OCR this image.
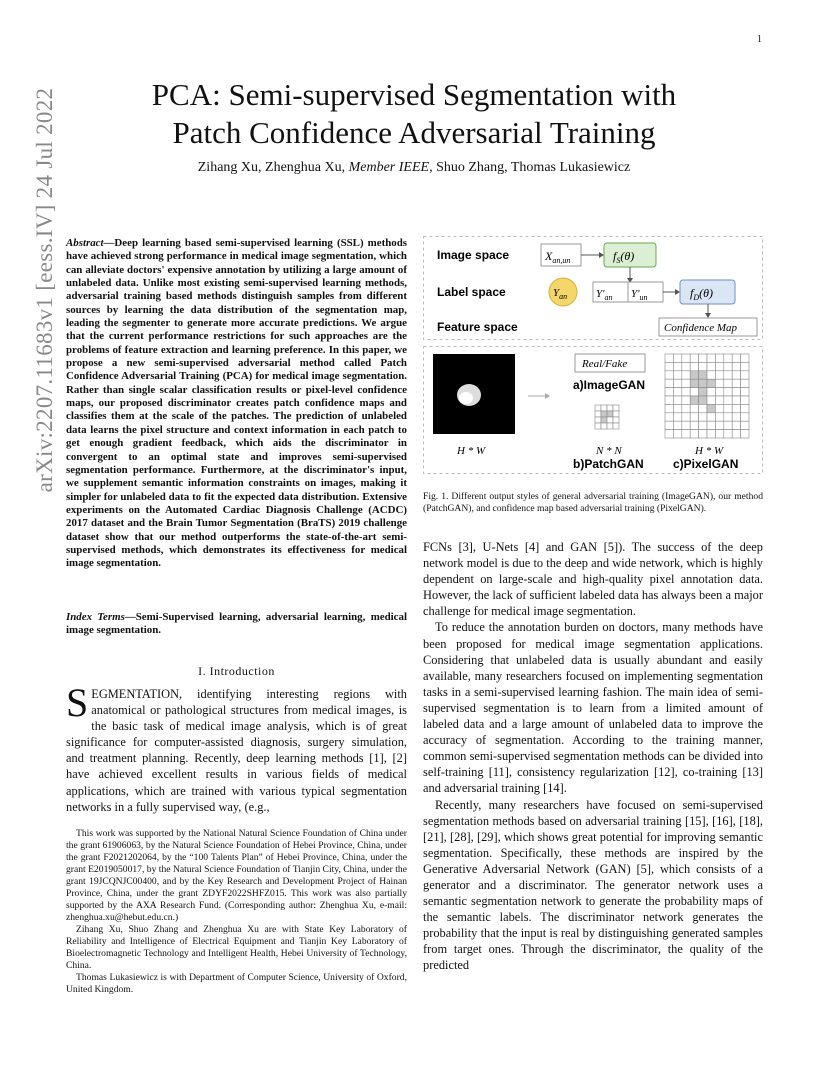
1
arXiv:2207.11683v1 [eess.IV] 24 Jul 2022	PCA: Semi-supervised Segmentation with
Patch Confidence Adversarial Training
Zihang Xu, Zhenghua Xu, Member IEEE, Shuo Zhang, Thomas Lukasiewicz
Abstract—Deep learning based semi-supervised learning (SSL) methods have achieved strong performance in medical image segmentation, which can alleviate doctors' expensive annotation by utilizing a large amount of unlabeled data. Unlike most existing semi-supervised learning methods, adversarial training based methods distinguish samples from different sources by learning the data distribution of the segmentation map, leading the segmenter to generate more accurate predictions. We argue that the current performance restrictions for such approaches are the problems of feature extraction and learning preference. In this paper, we propose a new semi-supervised adversarial method called Patch Confidence Adversarial Training (PCA) for medical image segmentation. Rather than single scalar classification results or pixel-level confidence maps, our proposed discriminator creates patch confidence maps and classifies them at the scale of the patches. The prediction of unlabeled data learns the pixel structure and context information in each patch to get enough gradient feedback, which aids the discriminator in convergent to an optimal state and improves semi-supervised segmentation performance. Furthermore, at the discriminator's input, we supplement semantic information constraints on images, making it simpler for unlabeled data to fit the expected data distribution. Extensive experiments on the Automated Cardiac Diagnosis Challenge (ACDC) 2017 dataset and the Brain Tumor Segmentation (BraTS) 2019 challenge dataset show that our method outperforms the state-of-the-art semi-supervised methods, which demonstrates its effectiveness for medical image segmentation.
Index Terms—Semi-Supervised learning, adversarial learning, medical image segmentation.
I. Introduction
SEGMENTATION, identifying interesting regions with anatomical or pathological structures from medical images, is the basic task of medical image analysis, which is of great significance for computer-assisted diagnosis, surgery simulation, and treatment planning. Recently, deep learning methods [1], [2] have achieved excellent results in various fields of medical applications, which are trained with various typical segmentation networks in a fully supervised way, (e.g.,

This work was supported by the National Natural Science Foundation of China under the grant 61906063, by the Natural Science Foundation of Hebei Province, China, under the grant F2021202064, by the “100 Talents Plan” of Hebei Province, China, under the grant E2019050017, by the Natural Science Foundation of Tianjin City, China, under the grant 19JCQNJC00400, and by the Key Research and Development Project of Hainan Province, China, under the grant ZDYF2022SHFZ015. This work was also partially supported by the AXA Research Fund. (Corresponding author: Zhenghua Xu, e-mail: zhenghua.xu@hebut.edu.cn.)

Zihang Xu, Shuo Zhang and Zhenghua Xu are with State Key Laboratory of Reliability and Intelligence of Electrical Equipment and Tianjin Key Laboratory of Bioelectromagnetic Technology and Intelligent Health, Hebei University of Technology, China.

Thomas Lukasiewicz is with Department of Computer Science, University of Oxford, United Kingdom.

Image space
Label space
Feature space
$X_{an,un}$	$f_S(\theta)$
$Y_{an}$	$Y'_{an}$ $Y'_{un}$	$f_D(\theta)$
Confidence Map
H * W
Real/Fake
a)ImageGAN
N * N
b)PatchGAN
H * W
c)PixelGAN
Fig. 1. Different output styles of general adversarial training (ImageGAN), our method (PatchGAN), and confidence map based adversarial training (PixelGAN).

FCNs [3], U-Nets [4] and GAN [5]). The success of the deep network model is due to the deep and wide network, which is highly dependent on large-scale and high-quality pixel annotation data. However, the lack of sufficient labeled data has always been a major challenge for medical image segmentation.

To reduce the annotation burden on doctors, many methods have been proposed for medical image segmentation applications. Considering that unlabeled data is usually abundant and easily available, many researchers focused on implementing segmentation tasks in a semi-supervised learning fashion. The main idea of semi-supervised segmentation is to learn from a limited amount of labeled data and a large amount of unlabeled data to improve the accuracy of segmentation. According to the training manner, common semi-supervised segmentation methods can be divided into self-training [11], consistency regularization [12], co-training [13] and adversarial training [14].

Recently, many researchers have focused on semi-supervised segmentation methods based on adversarial training [15], [16], [18], [21], [28], [29], which shows great potential for improving semantic segmentation. Specifically, these methods are inspired by the Generative Adversarial Network (GAN) [5], which consists of a generator and a discriminator. The generator network uses a semantic segmentation network to generate the probability maps of the semantic labels. The discriminator network generates the probability that the input is real by distinguishing generated samples from target ones. Through the discriminator, the quality of the predicted
